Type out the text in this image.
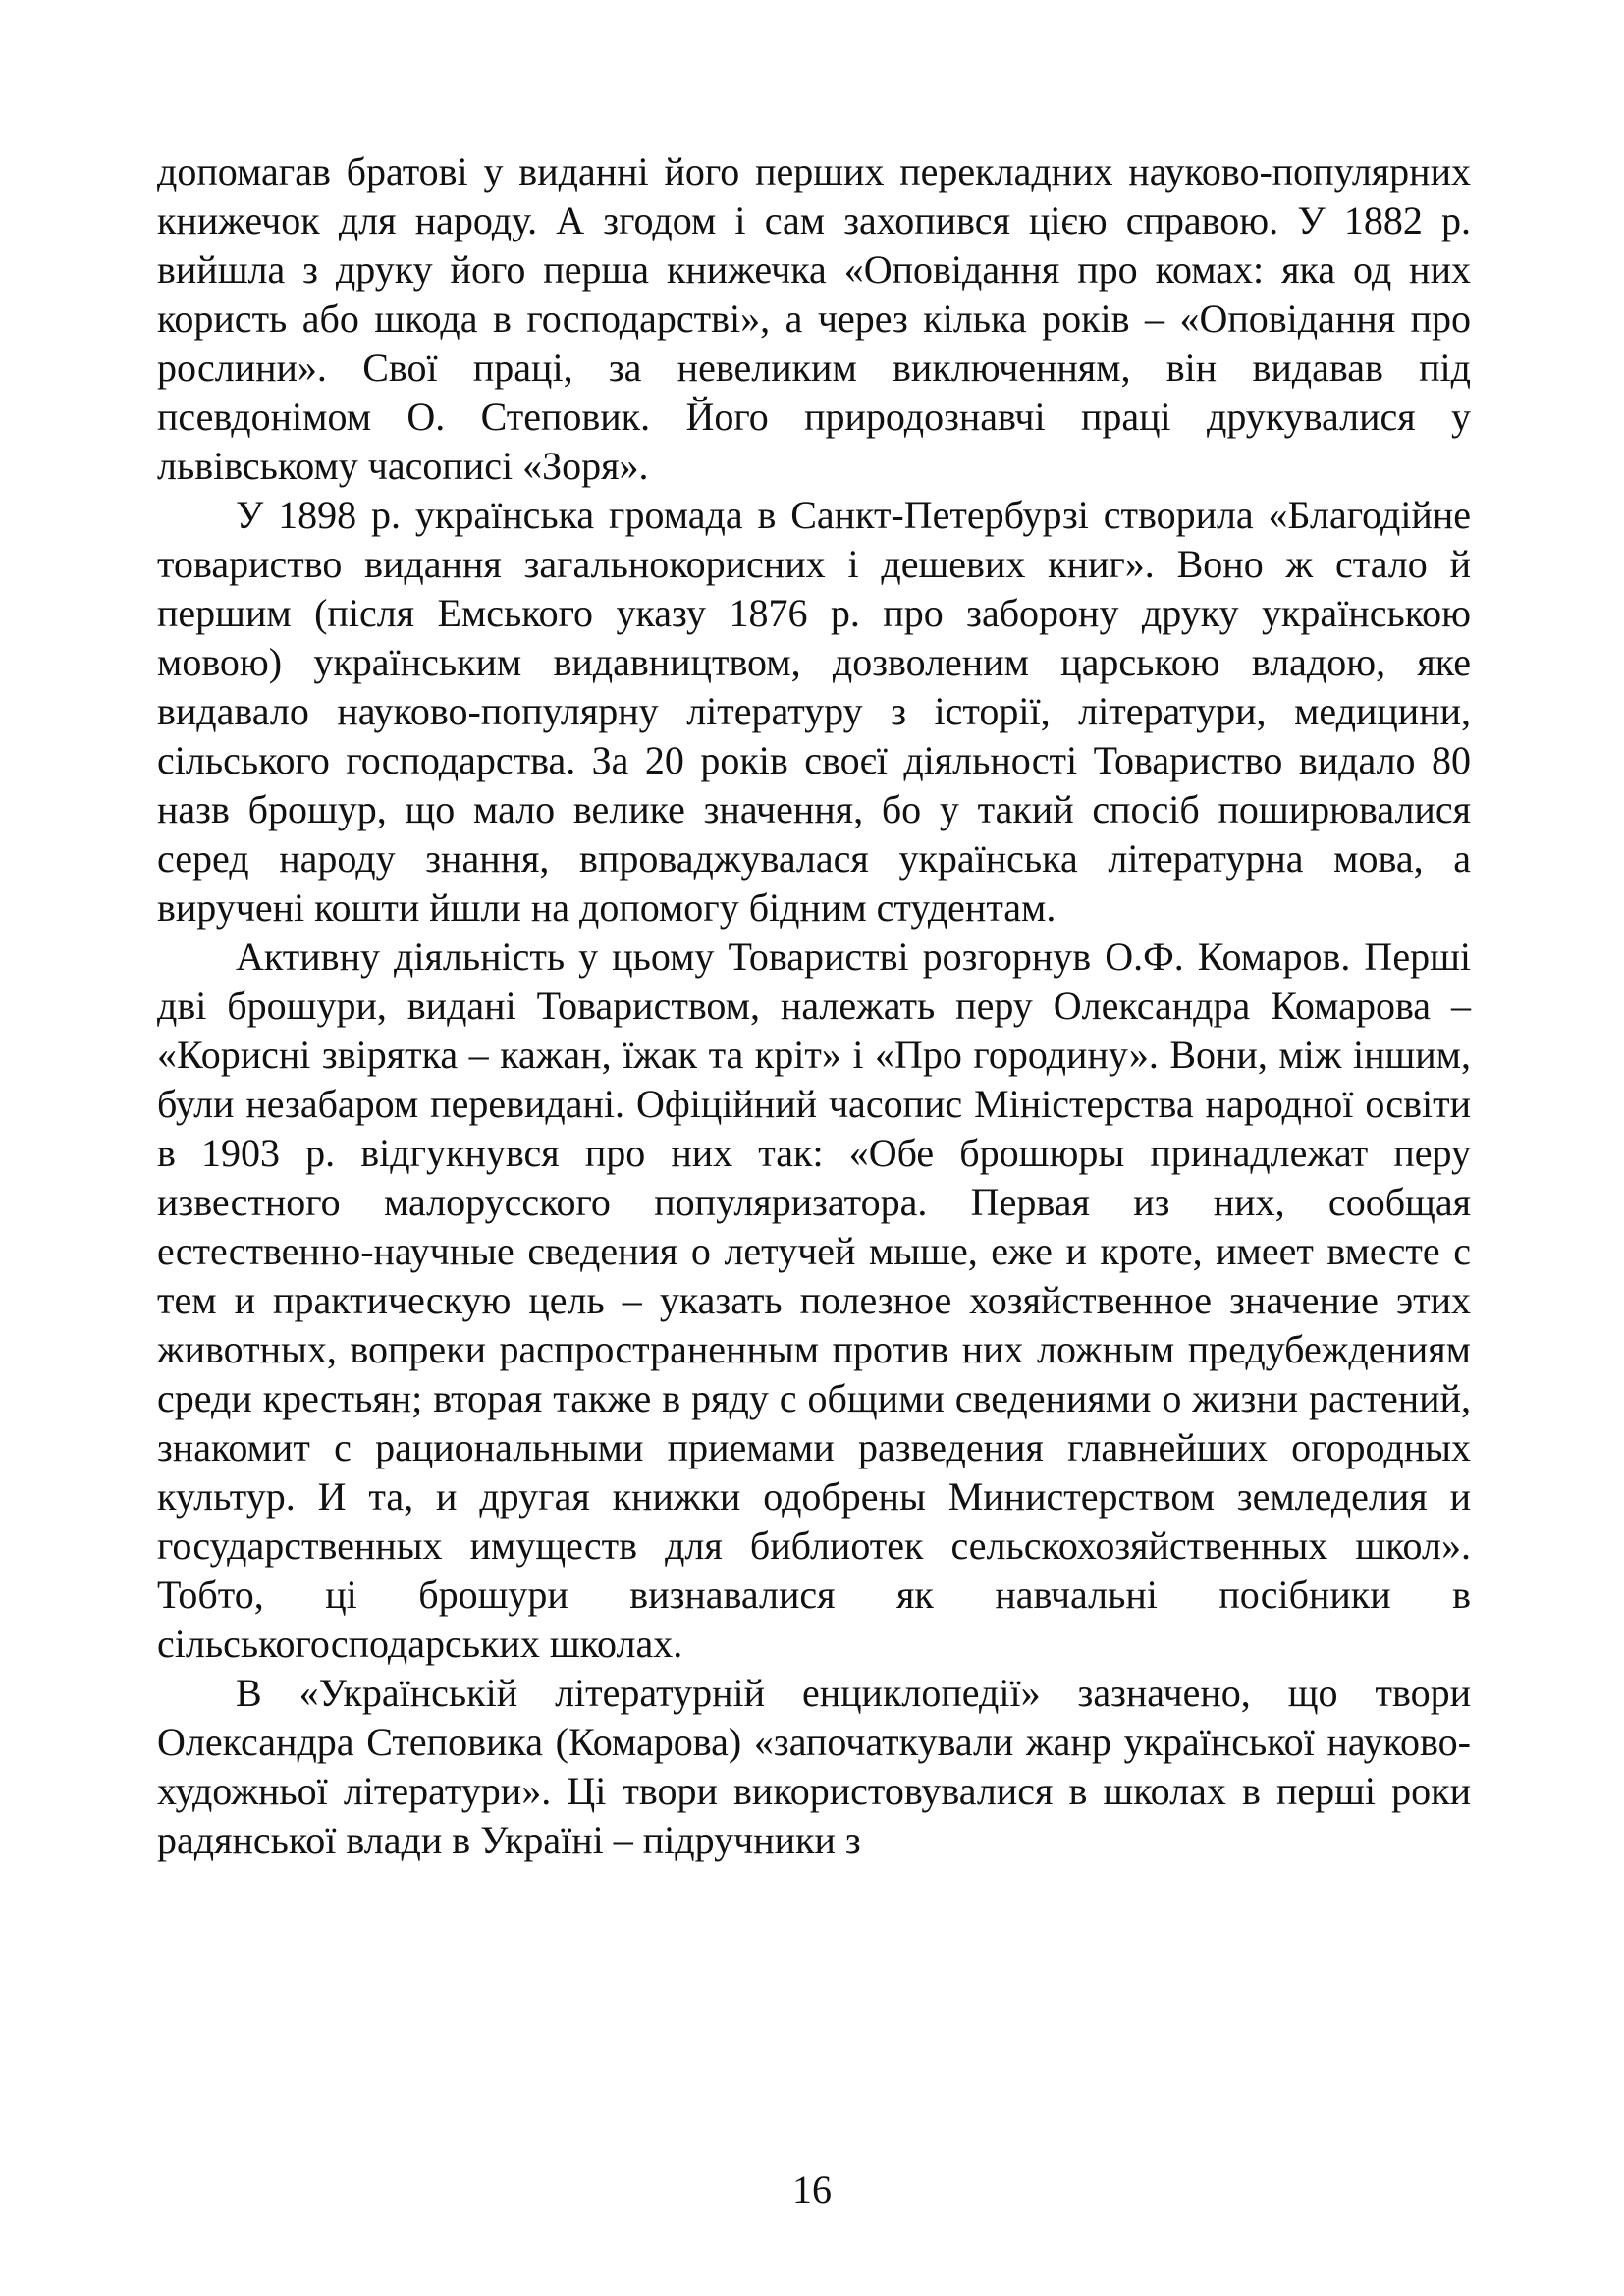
допомагав братові у виданні його перших перекладних науково-популярних книжечок для народу. А згодом і сам захопився цією справою. У 1882 р. вийшла з друку його перша книжечка «Оповідання про комах: яка од них користь або шкода в господарстві», а через кілька років – «Оповідання про рослини». Свої праці, за невеликим виключенням, він видавав під псевдонімом О. Степовик. Його природознавчі праці друкувалися у львівському часописі «Зоря».

У 1898 р. українська громада в Санкт-Петербурзі створила «Благодійне товариство видання загальнокорисних і дешевих книг». Воно ж стало й першим (після Емського указу 1876 р. про заборону друку українською мовою) українським видавництвом, дозволеним царською владою, яке видавало науково-популярну літературу з історії, літератури, медицини, сільського господарства. За 20 років своєї діяльності Товариство видало 80 назв брошур, що мало велике значення, бо у такий спосіб поширювалися серед народу знання, впроваджувалася українська літературна мова, а виручені кошти йшли на допомогу бідним студентам.

Активну діяльність у цьому Товаристві розгорнув О.Ф. Комаров. Перші дві брошури, видані Товариством, належать перу Олександра Комарова – «Корисні звірятка – кажан, їжак та кріт» і «Про городину». Вони, між іншим, були незабаром перевидані. Офіційний часопис Міністерства народної освіти в 1903 р. відгукнувся про них так: «Обе брошюры принадлежат перу известного малорусского популяризатора. Первая из них, сообщая естественно-научные сведения о летучей мыше, еже и кроте, имеет вместе с тем и практическую цель – указать полезное хозяйственное значение этих животных, вопреки распространенным против них ложным предубеждениям среди крестьян; вторая также в ряду с общими сведениями о жизни растений, знакомит с рациональными приемами разведения главнейших огородных культур. И та, и другая книжки одобрены Министерством земледелия и государственных имуществ для библиотек сельскохозяйственных школ». Тобто, ці брошури визнавалися як навчальні посібники в сільськогосподарських школах.

В «Українській літературній енциклопедії» зазначено, що твори Олександра Степовика (Комарова) «започаткували жанр української науково-художньої літератури». Ці твори використовувалися в школах в перші роки радянської влади в Україні – підручники з

16
